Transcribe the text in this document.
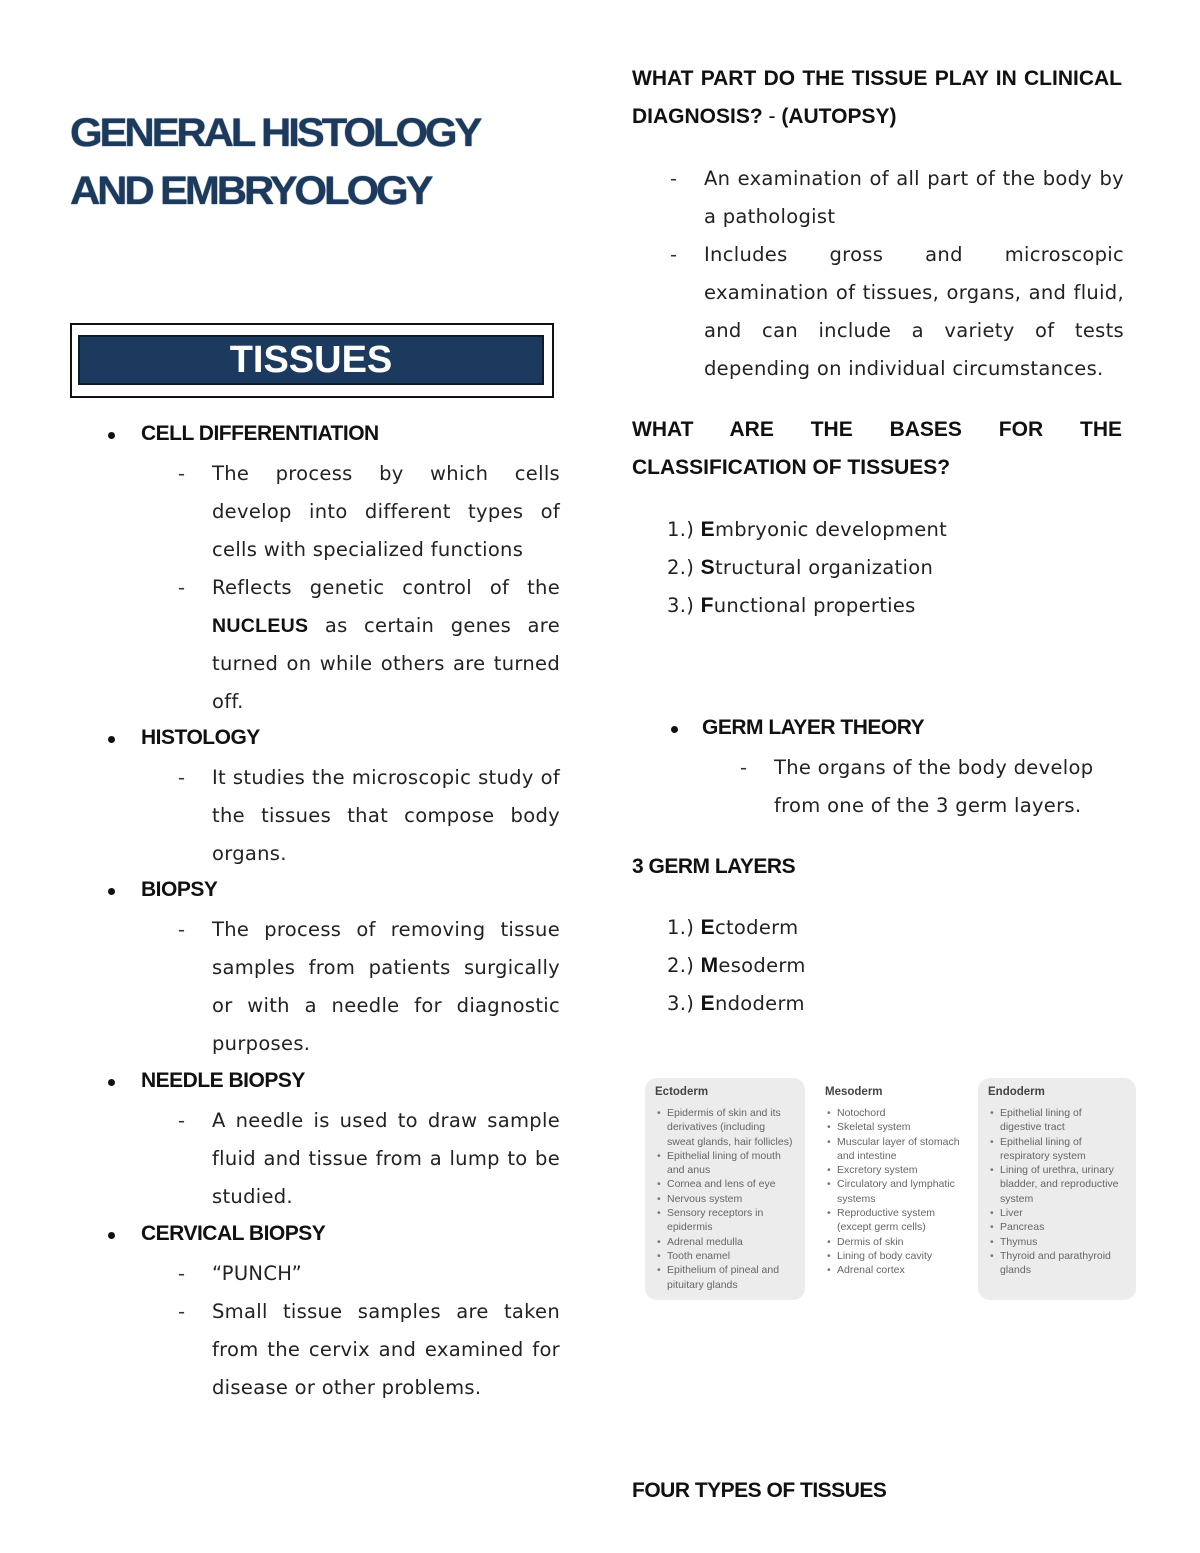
GENERAL HISTOLOGY AND EMBRYOLOGY
TISSUES
CELL DIFFERENTIATION
- The process by which cells develop into different types of cells with specialized functions
- Reflects genetic control of the NUCLEUS as certain genes are turned on while others are turned off.
HISTOLOGY
- It studies the microscopic study of the tissues that compose body organs.
BIOPSY
- The process of removing tissue samples from patients surgically or with a needle for diagnostic purposes.
NEEDLE BIOPSY
- A needle is used to draw sample fluid and tissue from a lump to be studied.
CERVICAL BIOPSY
- “PUNCH”
- Small tissue samples are taken from the cervix and examined for disease or other problems.
WHAT PART DO THE TISSUE PLAY IN CLINICAL DIAGNOSIS? - (AUTOPSY)
- An examination of all part of the body by a pathologist
- Includes gross and microscopic examination of tissues, organs, and fluid, and can include a variety of tests depending on individual circumstances.
WHAT ARE THE BASES FOR THE CLASSIFICATION OF TISSUES?
1.) Embryonic development
2.) Structural organization
3.) Functional properties
GERM LAYER THEORY
- The organs of the body develop from one of the 3 germ layers.
3 GERM LAYERS
1.) Ectoderm
2.) Mesoderm
3.) Endoderm
Ectoderm
• Epidermis of skin and its derivatives (including sweat glands, hair follicles)
• Epithelial lining of mouth and anus
• Cornea and lens of eye
• Nervous system
• Sensory receptors in epidermis
• Adrenal medulla
• Tooth enamel
• Epithelium of pineal and pituitary glands
Mesoderm
• Notochord
• Skeletal system
• Muscular layer of stomach and intestine
• Excretory system
• Circulatory and lymphatic systems
• Reproductive system (except germ cells)
• Dermis of skin
• Lining of body cavity
• Adrenal cortex
Endoderm
• Epithelial lining of digestive tract
• Epithelial lining of respiratory system
• Lining of urethra, urinary bladder, and reproductive system
• Liver
• Pancreas
• Thymus
• Thyroid and parathyroid glands
FOUR TYPES OF TISSUES
